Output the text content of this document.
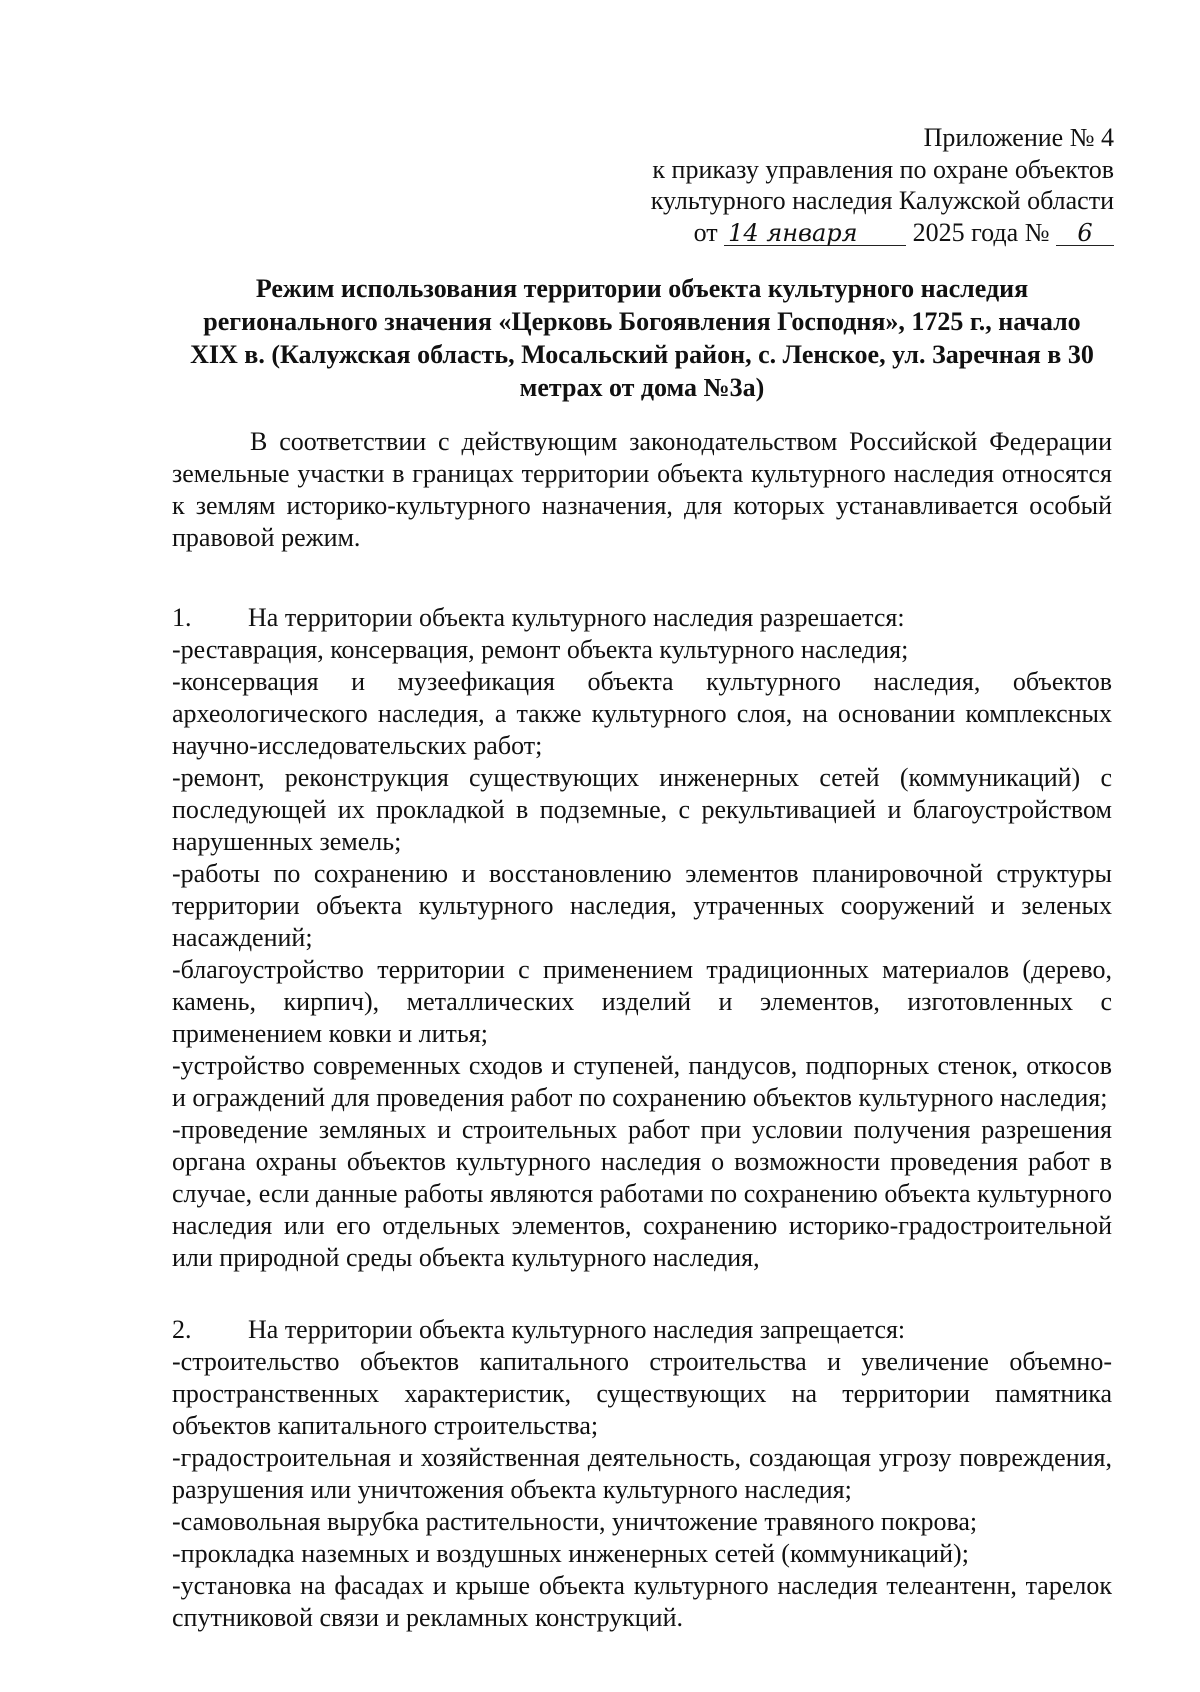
Приложение № 4
к приказу управления по охране объектов
культурного наследия Калужской области
от 14 января 2025 года № 6
Режим использования территории объекта культурного наследия
регионального значения «Церковь Богоявления Господня», 1725 г., начало
XIX в. (Калужская область, Мосальский район, с. Ленское, ул. Заречная в 30
метрах от дома №3а)

В соответствии с действующим законодательством Российской Федерации земельные участки в границах территории объекта культурного наследия относятся к землям историко-культурного назначения, для которых устанавливается особый правовой режим.

1.	На территории объекта культурного наследия разрешается:

-реставрация, консервация, ремонт объекта культурного наследия;

-консервация и музеефикация объекта культурного наследия, объектов археологического наследия, а также культурного слоя, на основании комплексных научно-исследовательских работ;

-ремонт, реконструкция существующих инженерных сетей (коммуникаций) с последующей их прокладкой в подземные, с рекультивацией и благоустройством нарушенных земель;

-работы по сохранению и восстановлению элементов планировочной структуры территории объекта культурного наследия, утраченных сооружений и зеленых насаждений;

-благоустройство территории с применением традиционных материалов (дерево, камень, кирпич), металлических изделий и элементов, изготовленных с применением ковки и литья;

-устройство современных сходов и ступеней, пандусов, подпорных стенок, откосов и ограждений для проведения работ по сохранению объектов культурного наследия;

-проведение земляных и строительных работ при условии получения разрешения органа охраны объектов культурного наследия о возможности проведения работ в случае, если данные работы являются работами по сохранению объекта культурного наследия или его отдельных элементов, сохранению историко-градостроительной или природной среды объекта культурного наследия,

2.	На территории объекта культурного наследия запрещается:

-строительство объектов капитального строительства и увеличение объемно-пространственных характеристик, существующих на территории памятника объектов капитального строительства;

-градостроительная и хозяйственная деятельность, создающая угрозу повреждения, разрушения или уничтожения объекта культурного наследия;

-самовольная вырубка растительности, уничтожение травяного покрова;

-прокладка наземных и воздушных инженерных сетей (коммуникаций);

-установка на фасадах и крыше объекта культурного наследия телеантенн, тарелок спутниковой связи и рекламных конструкций.
